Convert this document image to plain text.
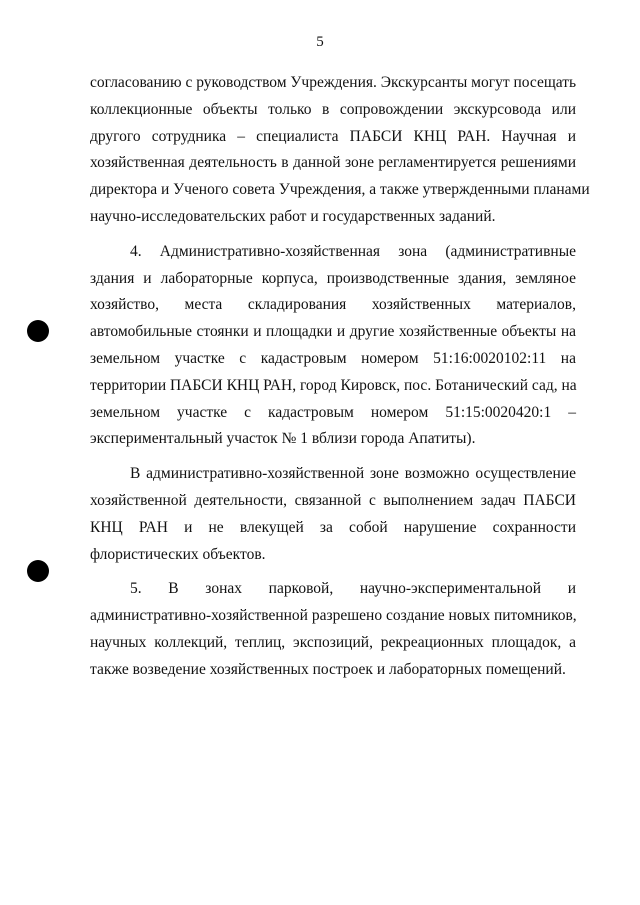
5
согласованию с руководством Учреждения. Экскурсанты могут посещать
коллекционные объекты только в сопровождении экскурсовода или
другого сотрудника – специалиста ПАБСИ КНЦ РАН. Научная и
хозяйственная деятельность в данной зоне регламентируется решениями
директора и Ученого совета Учреждения, а также утвержденными планами
научно-исследовательских работ и государственных заданий.
4. Административно-хозяйственная зона (административные
здания и лабораторные корпуса, производственные здания, земляное
хозяйство, места складирования хозяйственных материалов,
автомобильные стоянки и площадки и другие хозяйственные объекты на
земельном участке с кадастровым номером 51:16:0020102:11 на
территории ПАБСИ КНЦ РАН, город Кировск, пос. Ботанический сад, на
земельном участке с кадастровым номером 51:15:0020420:1 –
экспериментальный участок № 1 вблизи города Апатиты).
В административно-хозяйственной зоне возможно осуществление
хозяйственной деятельности, связанной с выполнением задач ПАБСИ
КНЦ РАН и не влекущей за собой нарушение сохранности
флористических объектов.
5. В зонах парковой, научно-экспериментальной и
административно-хозяйственной разрешено создание новых питомников,
научных коллекций, теплиц, экспозиций, рекреационных площадок, а
также возведение хозяйственных построек и лабораторных помещений.
